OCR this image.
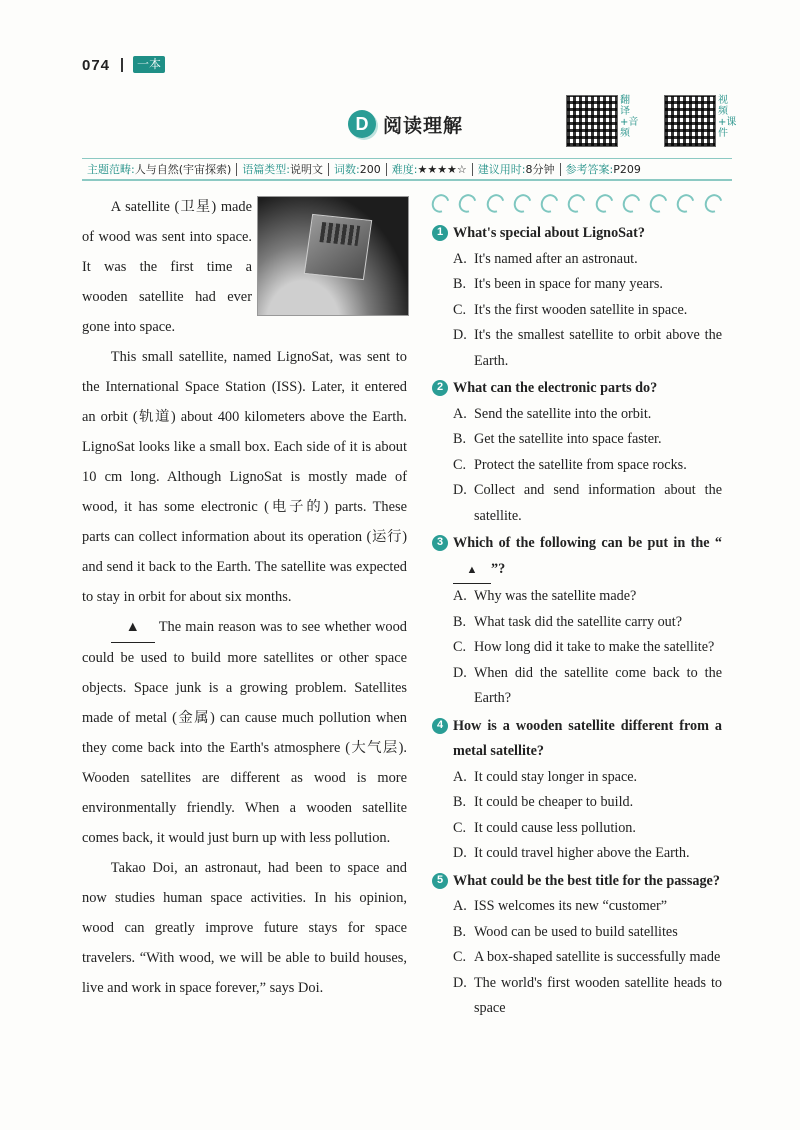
074	一本
D 阅读理解
翻译+音频
视频+课件
主题范畴:人与自然(宇宙探索)	语篇类型:说明文	词数:200	难度:★★★★☆	建议用时:8分钟	参考答案:P209

A satellite (卫星) made of wood was sent into space. It was the first time a wooden satellite had ever gone into space.

This small satellite, named LignoSat, was sent to the International Space Station (ISS). Later, it entered an orbit (轨道) about 400 kilometers above the Earth. LignoSat looks like a small box. Each side of it is about 10 cm long. Although LignoSat is mostly made of wood, it has some electronic (电子的) parts. These parts can collect information about its operation (运行) and send it back to the Earth. The satellite was expected to stay in orbit for about six months.

▲ The main reason was to see whether wood could be used to build more satellites or other space objects. Space junk is a growing problem. Satellites made of metal (金属) can cause much pollution when they come back into the Earth's atmosphere (大气层). Wooden satellites are different as wood is more environmentally friendly. When a wooden satellite comes back, it would just burn up with less pollution.

Takao Doi, an astronaut, had been to space and now studies human space activities. In his opinion, wood can greatly improve future stays for space travelers. “With wood, we will be able to build houses, live and work in space forever,” says Doi.

1 What's special about LignoSat?
A. It's named after an astronaut.
B. It's been in space for many years.
C. It's the first wooden satellite in space.
D. It's the smallest satellite to orbit above the Earth.
2 What can the electronic parts do?
A. Send the satellite into the orbit.
B. Get the satellite into space faster.
C. Protect the satellite from space rocks.
D. Collect and send information about the satellite.
3 Which of the following can be put in the “▲ ”?
A. Why was the satellite made?
B. What task did the satellite carry out?
C. How long did it take to make the satellite?
D. When did the satellite come back to the Earth?
4 How is a wooden satellite different from a metal satellite?
A. It could stay longer in space.
B. It could be cheaper to build.
C. It could cause less pollution.
D. It could travel higher above the Earth.
5 What could be the best title for the passage?
A. ISS welcomes its new “customer”
B. Wood can be used to build satellites
C. A box-shaped satellite is successfully made
D. The world's first wooden satellite heads to space
